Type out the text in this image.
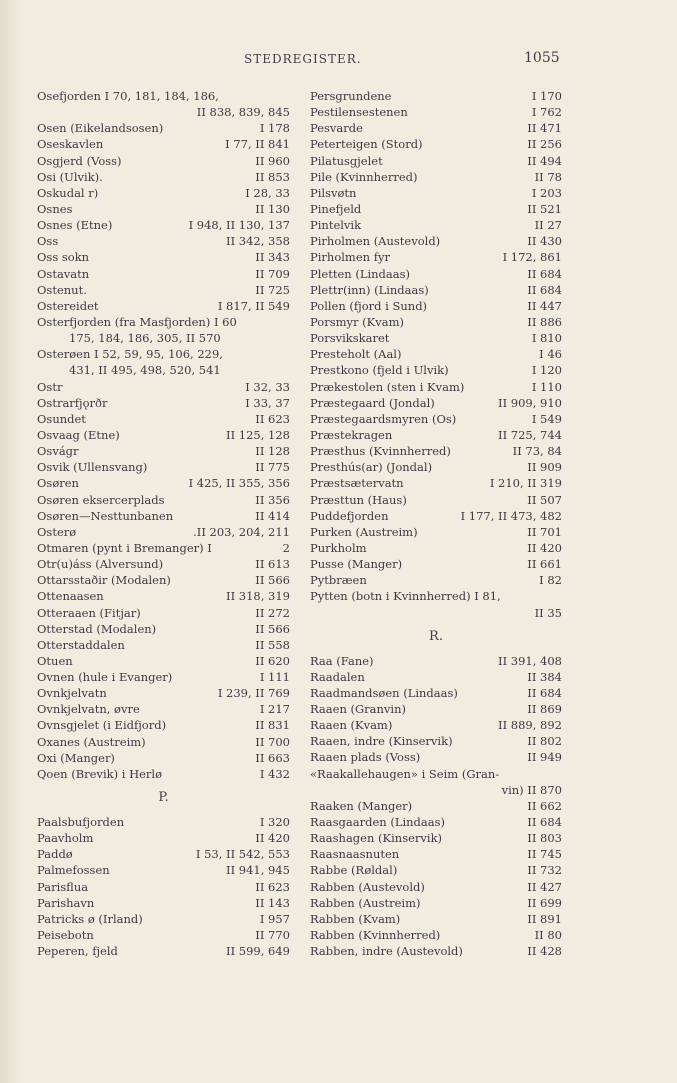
STEDREGISTER.	1055
Osefjorden I 70, 181, 184, 186,
II 838, 839, 845
Osen (Eikelandsosen)	I 178
Oseskavlen	I 77, II 841
Osgjerd (Voss)	II 960
Osi (Ulvik).	II 853
Oskudal r)	I 28, 33
Osnes	II 130
Osnes (Etne)	I 948, II 130, 137
Oss	II 342, 358
Oss sokn	II 343
Ostavatn	II 709
Ostenut.	II 725
Ostereidet	I 817, II 549
Osterfjorden (fra Masfjorden) I 60
175, 184, 186, 305, II 570
Osterøen I 52, 59, 95, 106, 229,
431, II 495, 498, 520, 541
Ostr	I 32, 33
Ostrarfjǫrðr	I 33, 37
Osundet	II 623
Osvaag (Etne)	II 125, 128
Osvágr	II 128
Osvik (Ullensvang)	II 775
Osøren	I 425, II 355, 356
Osøren eksercerplads	II 356
Osøren—Nesttunbanen	II 414
Osterø	.II 203, 204, 211
Otmaren (pynt i Bremanger) I	2
Otr(u)áss (Alversund)	II 613
Ottarsstaðir (Modalen)	II 566
Ottenaasen	II 318, 319
Otteraaen (Fitjar)	II 272
Otterstad (Modalen)	II 566
Otterstaddalen	II 558
Otuen	II 620
Ovnen (hule i Evanger)	I 111
Ovnkjelvatn	I 239, II 769
Ovnkjelvatn, øvre	I 217
Ovnsgjelet (i Eidfjord)	II 831
Oxanes (Austreim)	II 700
Oxi (Manger)	II 663
Qoen (Brevik) i Herlø	I 432
P.
Paalsbufjorden	I 320
Paavholm	II 420
Paddø	I 53, II 542, 553
Palmefossen	II 941, 945
Parisflua	II 623
Parishavn	II 143
Patricks ø (Irland)	I 957
Peisebotn	II 770
Peperen, fjeld	II 599, 649
Persgrundene	I 170
Pestilensestenen	I 762
Pesvarde	II 471
Peterteigen (Stord)	II 256
Pilatusgjelet	II 494
Pile (Kvinnherred)	II 78
Pilsvøtn	I 203
Pinefjeld	II 521
Pintelvik	II 27
Pirholmen (Austevold)	II 430
Pirholmen fyr	I 172, 861
Pletten (Lindaas)	II 684
Plettr(inn) (Lindaas)	II 684
Pollen (fjord i Sund)	II 447
Porsmyr (Kvam)	II 886
Porsvikskaret	I 810
Presteholt (Aal)	I 46
Prestkono (fjeld i Ulvik)	I 120
Prækestolen (sten i Kvam)	I 110
Præstegaard (Jondal)	II 909, 910
Præstegaardsmyren (Os)	I 549
Præstekragen	II 725, 744
Præsthus (Kvinnherred)	II 73, 84
Presthús(ar) (Jondal)	II 909
Præstsætervatn	I 210, II 319
Præsttun (Haus)	II 507
Puddefjorden	I 177, II 473, 482
Purken (Austreim)	II 701
Purkholm	II 420
Pusse (Manger)	II 661
Pytbræen	I 82
Pytten (botn i Kvinnherred) I 81,
II 35
R.
Raa (Fane)	II 391, 408
Raadalen	II 384
Raadmandsøen (Lindaas)	II 684
Raaen (Granvin)	II 869
Raaen (Kvam)	II 889, 892
Raaen, indre (Kinservik)	II 802
Raaen plads (Voss)	II 949
«Raakallehaugen» i Seim (Gran-
vin) II 870
Raaken (Manger)	II 662
Raasgaarden (Lindaas)	II 684
Raashagen (Kinservik)	II 803
Raasnaasnuten	II 745
Rabbe (Røldal)	II 732
Rabben (Austevold)	II 427
Rabben (Austreim)	II 699
Rabben (Kvam)	II 891
Rabben (Kvinnherred)	II 80
Rabben, indre (Austevold)	II 428
